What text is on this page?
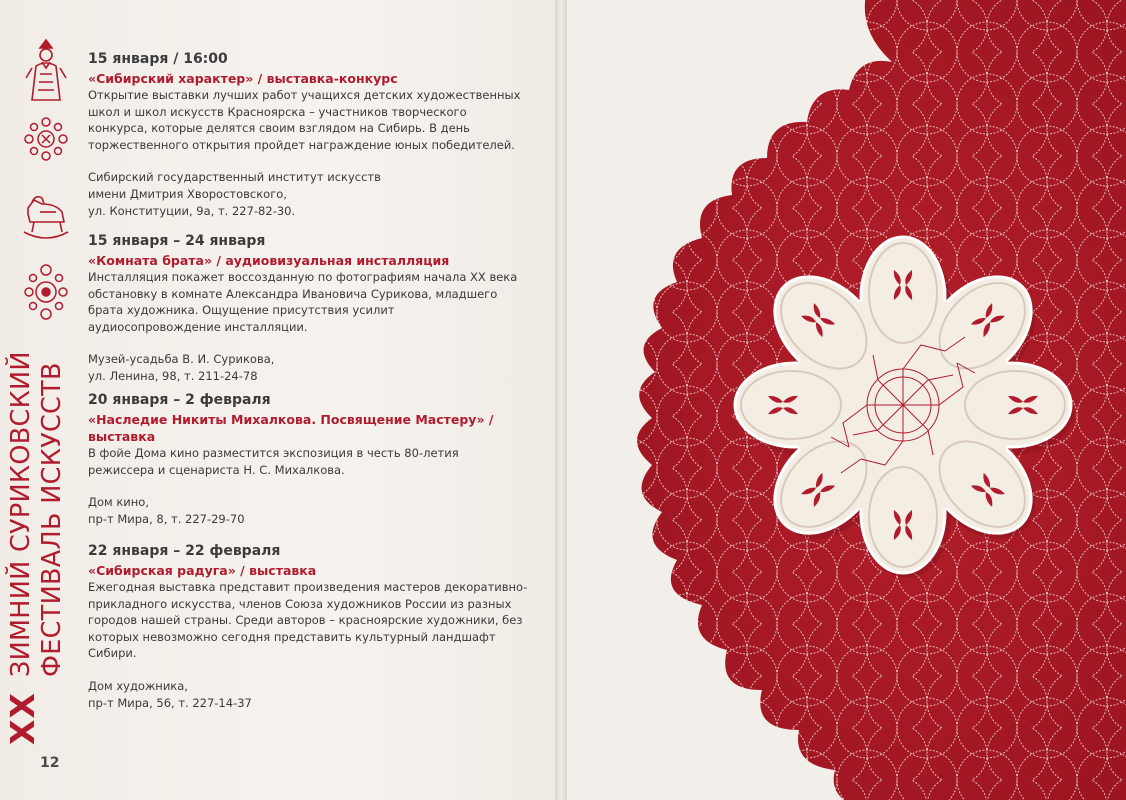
XX
ЗИМНИЙ СУРИКОВСКИЙ ФЕСТИВАЛЬ ИСКУССТВ
12

15 января / 16:00

«Сибирский характер» / выставка-конкурс

Открытие выставки лучших работ учащихся детских художественных школ и школ искусств Красноярска – участников творческого конкурса, которые делятся своим взглядом на Сибирь. В день торжественного открытия пройдет награждение юных победителей.

Сибирский государственный институт искусств
имени Дмитрия Хворостовского,
ул. Конституции, 9а, т. 227-82-30.

15 января – 24 января

«Комната брата» / аудиовизуальная инсталляция

Инсталляция покажет воссозданную по фотографиям начала XX века обстановку в комнате Александра Ивановича Сурикова, младшего брата художника. Ощущение присутствия усилит аудиосопровождение инсталляции.

Музей-усадьба В. И. Сурикова,
ул. Ленина, 98, т. 211-24-78

20 января – 2 февраля

«Наследие Никиты Михалкова. Посвящение Мастеру» / выставка

В фойе Дома кино разместится экспозиция в честь 80-летия режиссера и сценариста Н. С. Михалкова.

Дом кино,
пр-т Мира, 8, т. 227-29-70

22 января – 22 февраля

«Сибирская радуга» / выставка

Ежегодная выставка представит произведения мастеров декоративно-прикладного искусства, членов Союза художников России из разных городов нашей страны. Среди авторов – красноярские художники, без которых невозможно сегодня представить культурный ландшафт Сибири.

Дом художника,
пр-т Мира, 56, т. 227-14-37
